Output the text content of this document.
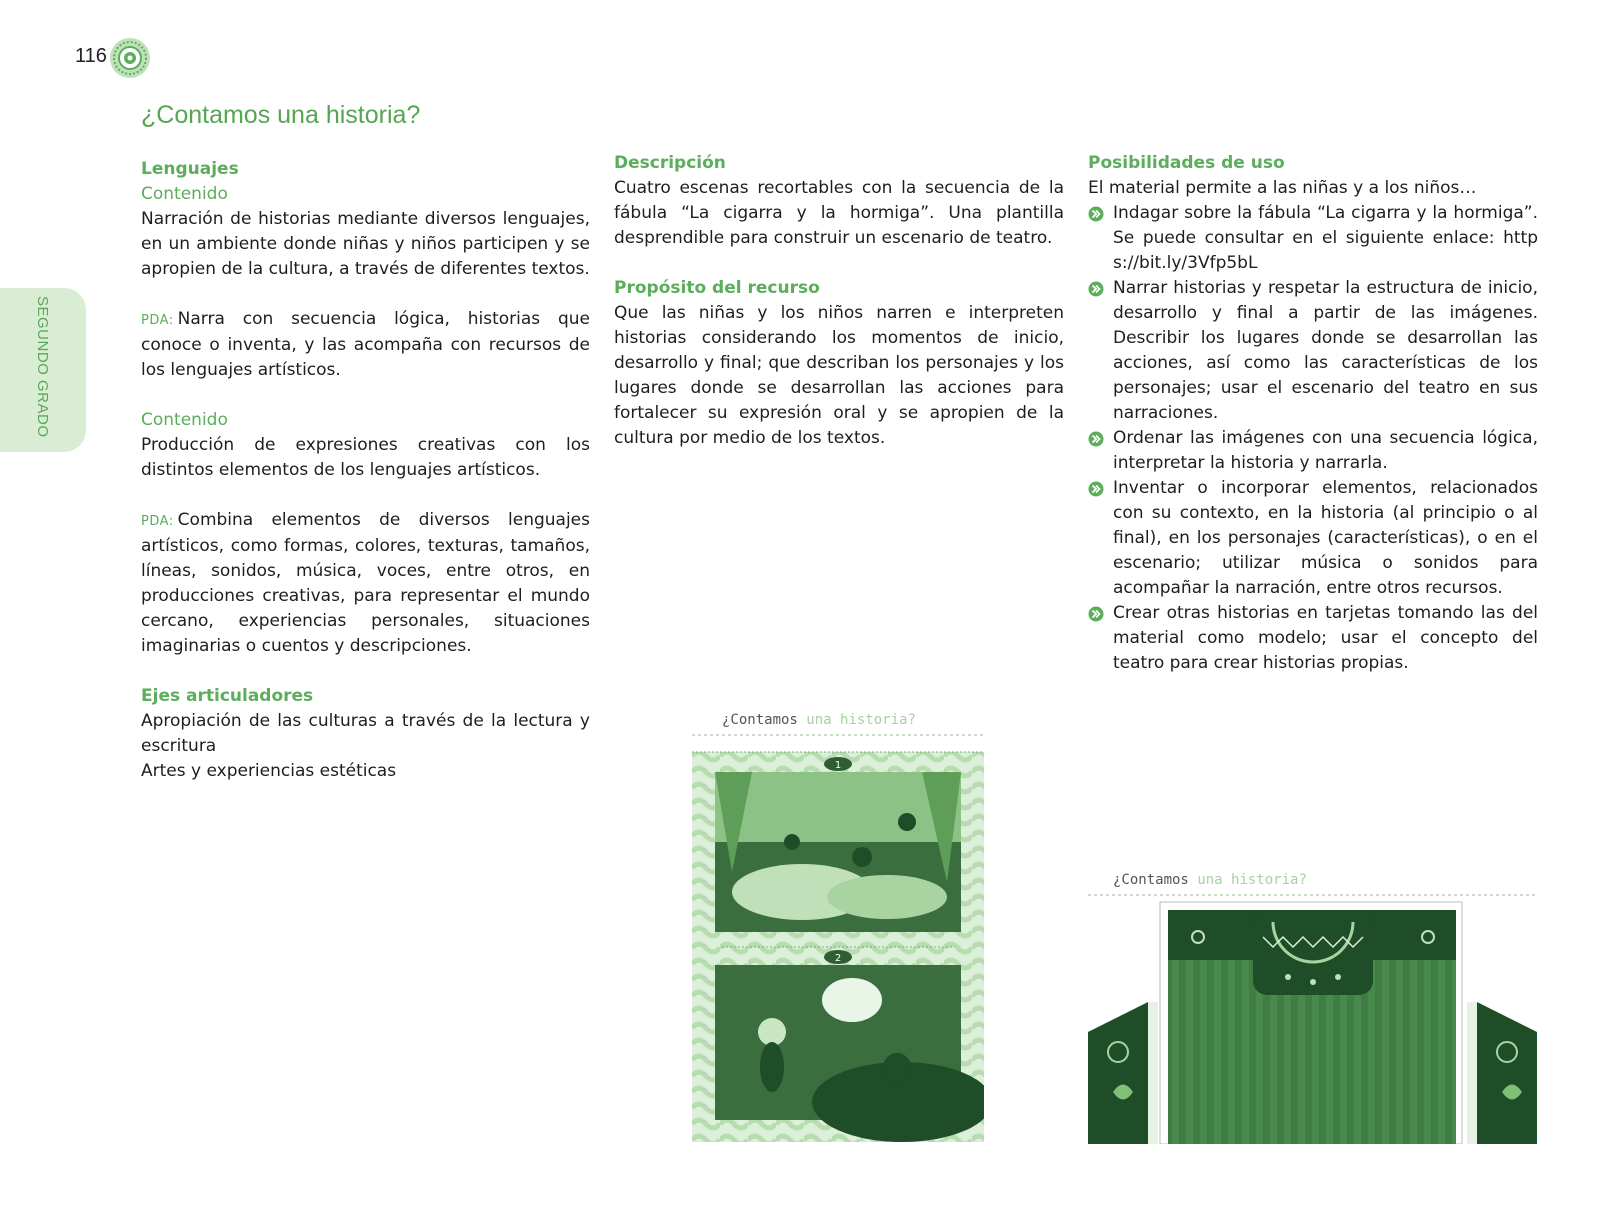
116
SEGUNDO GRADO
¿Contamos una historia?
Lenguajes
Contenido

Narración de historias mediante diversos lenguajes, en un ambiente donde niñas y niños participen y se apropien de la cultura, a través de diferentes textos.

PDA: Narra con secuencia lógica, historias que conoce o inventa, y las acompaña con recursos de los lenguajes artísticos.

Contenido

Producción de expresiones creativas con los distintos elementos de los lenguajes artísticos.

PDA: Combina elementos de diversos lenguajes artísticos, como formas, colores, texturas, tamaños, líneas, sonidos, música, voces, entre otros, en producciones creativas, para representar el mundo cercano, experiencias personales, situaciones imaginarias o cuentos y descripciones.

Ejes articuladores

Apropiación de las culturas a través de la lectura y escritura

Artes y experiencias estéticas

Descripción

Cuatro escenas recortables con la secuencia de la fábula “La cigarra y la hormiga”. Una plantilla desprendible para construir un escenario de teatro.

Propósito del recurso

Que las niñas y los niños narren e interpreten historias considerando los momentos de inicio, desarrollo y final; que describan los personajes y los lugares donde se desarrollan las acciones para fortalecer su expresión oral y se apropien de la cultura por medio de los textos.

Posibilidades de uso

El material permite a las niñas y a los niños…

Indagar sobre la fábula “La cigarra y la hormiga”. Se puede consultar en el siguiente enlace: https://bit.ly/3Vfp5bL
Narrar historias y respetar la estructura de inicio, desarrollo y final a partir de las imágenes. Describir los lugares donde se desarrollan las acciones, así como las características de los personajes; usar el escenario del teatro en sus narraciones.
Ordenar las imágenes con una secuencia lógica, interpretar la historia y narrarla.
Inventar o incorporar elementos, relacionados con su contexto, en la historia (al principio o al final), en los personajes (características), o en el escenario; utilizar música o sonidos para acompañar la narración, entre otros recursos.
Crear otras historias en tarjetas tomando las del material como modelo; usar el concepto del teatro para crear historias propias.
¿Contamos una historia?
1
2
¿Contamos una historia?
